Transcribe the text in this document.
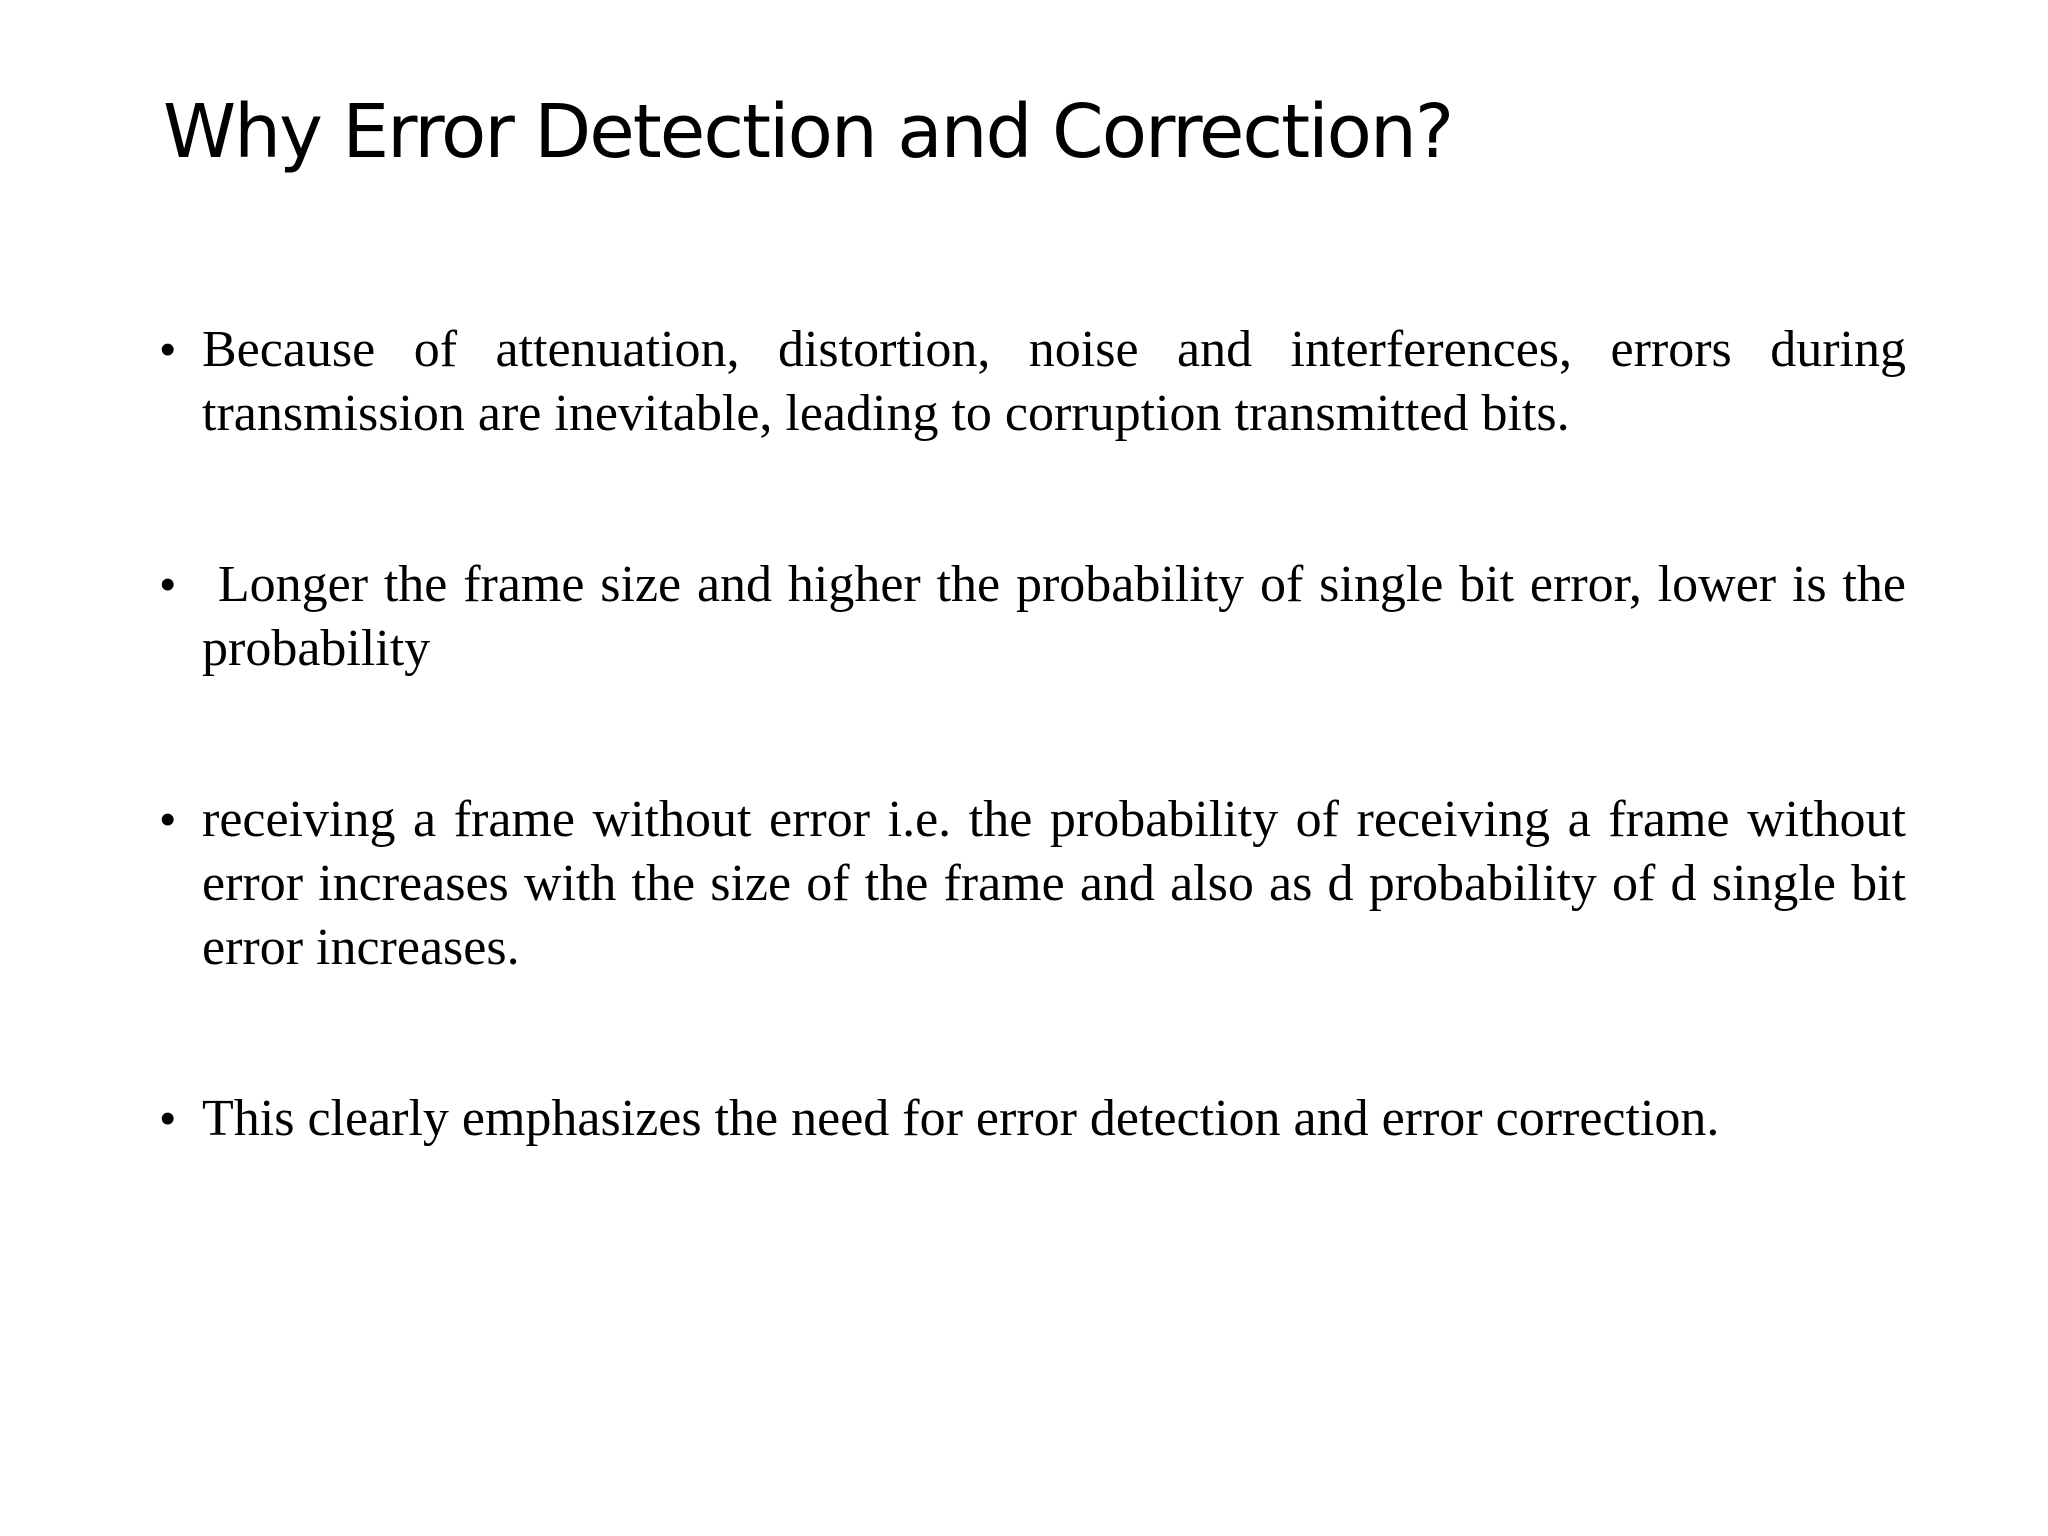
Why Error Detection and Correction?
• Because of attenuation, distortion, noise and interferences, errors during transmission are inevitable, leading to corruption transmitted bits.
• Longer the frame size and higher the probability of single bit error, lower is the probability
• receiving a frame without error i.e. the probability of receiving a frame without error increases with the size of the frame and also as d probability of d single bit error increases.
• This clearly emphasizes the need for error detection and error correction.
